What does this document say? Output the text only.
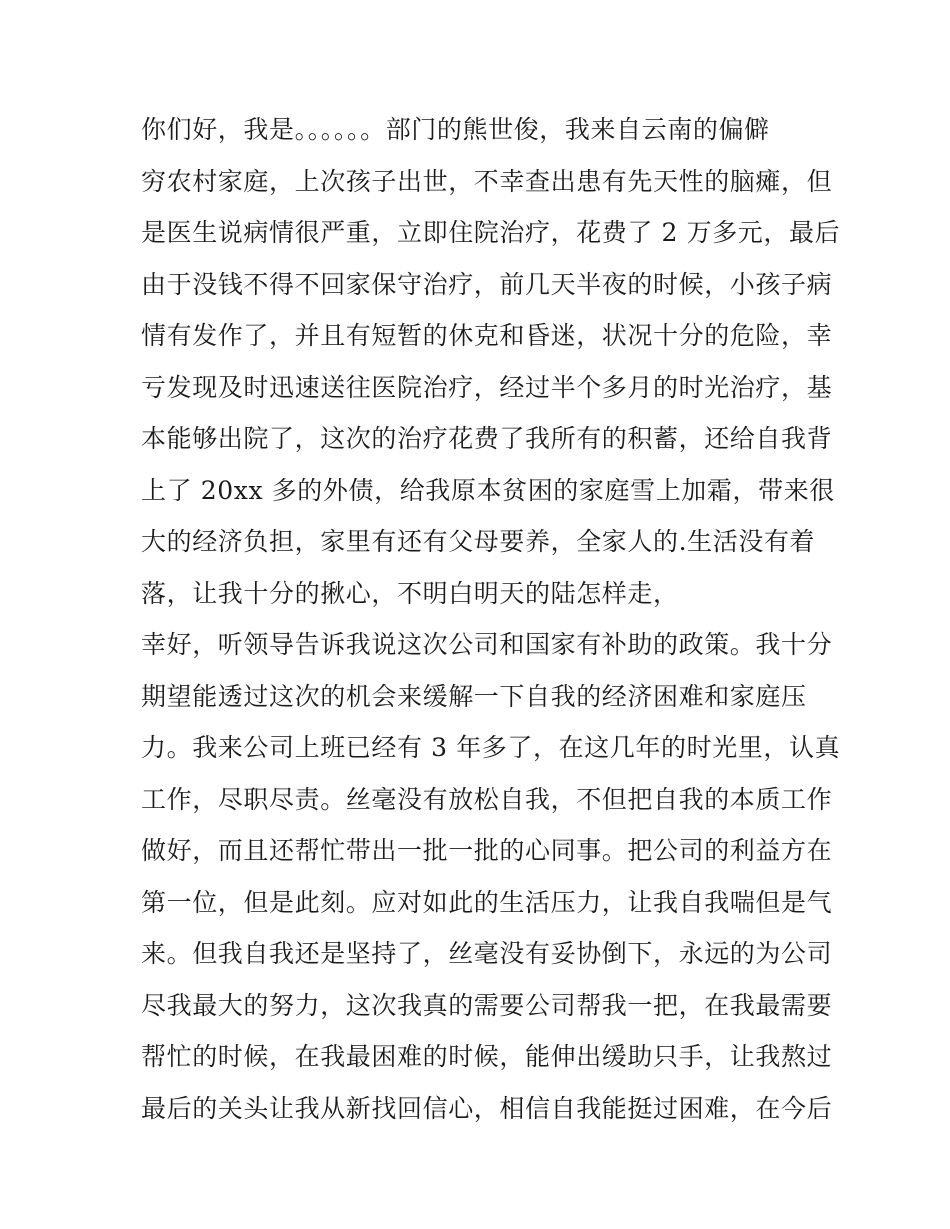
你们好，我是。。。。。。部门的熊世俊，我来自云南的偏僻
穷农村家庭，上次孩子出世，不幸查出患有先天性的脑瘫，但
是医生说病情很严重，立即住院治疗，花费了 2 万多元，最后
由于没钱不得不回家保守治疗，前几天半夜的时候，小孩子病
情有发作了，并且有短暂的休克和昏迷，状况十分的危险，幸
亏发现及时迅速送往医院治疗，经过半个多月的时光治疗，基
本能够出院了，这次的治疗花费了我所有的积蓄，还给自我背
上了 20xx 多的外债，给我原本贫困的家庭雪上加霜，带来很
大的经济负担，家里有还有父母要养，全家人的.生活没有着
落，让我十分的揪心，不明白明天的陆怎样走，
幸好，听领导告诉我说这次公司和国家有补助的政策。我十分
期望能透过这次的机会来缓解一下自我的经济困难和家庭压
力。我来公司上班已经有 3 年多了，在这几年的时光里，认真
工作，尽职尽责。丝毫没有放松自我，不但把自我的本质工作
做好，而且还帮忙带出一批一批的心同事。把公司的利益方在
第一位，但是此刻。应对如此的生活压力，让我自我喘但是气
来。但我自我还是坚持了，丝毫没有妥协倒下，永远的为公司
尽我最大的努力，这次我真的需要公司帮我一把，在我最需要
帮忙的时候，在我最困难的时候，能伸出缓助只手，让我熬过
最后的关头让我从新找回信心，相信自我能挺过困难，在今后
